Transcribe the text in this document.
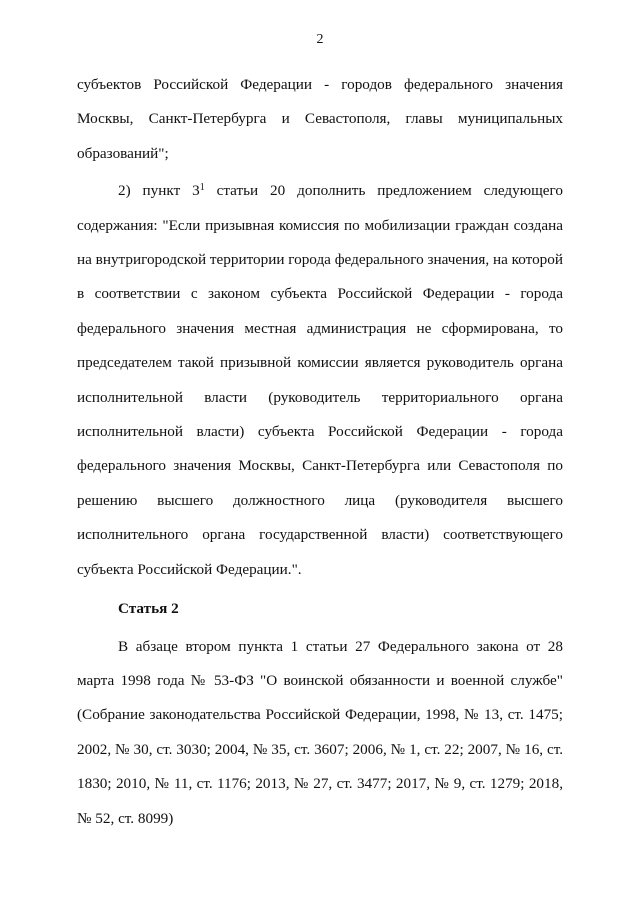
2

субъектов Российской Федерации - городов федерального значения Москвы, Санкт-Петербурга и Севастополя, главы муниципальных образований";

2) пункт $3^1$ статьи 20 дополнить предложением следующего содержания: "Если призывная комиссия по мобилизации граждан создана на внутригородской территории города федерального значения, на которой в соответствии с законом субъекта Российской Федерации - города федерального значения местная администрация не сформирована, то председателем такой призывной комиссии является руководитель органа исполнительной власти (руководитель территориального органа исполнительной власти) субъекта Российской Федерации - города федерального значения Москвы, Санкт-Петербурга или Севастополя по решению высшего должностного лица (руководителя высшего исполнительного органа государственной власти) соответствующего субъекта Российской Федерации.".

Статья 2

В абзаце втором пункта 1 статьи 27 Федерального закона от 28 марта 1998 года № 53-ФЗ "О воинской обязанности и военной службе" (Собрание законодательства Российской Федерации, 1998, № 13, ст. 1475; 2002, № 30, ст. 3030; 2004, № 35, ст. 3607; 2006, № 1, ст. 22; 2007, № 16, ст. 1830; 2010, № 11, ст. 1176; 2013, № 27, ст. 3477; 2017, № 9, ст. 1279; 2018, № 52, ст. 8099)
